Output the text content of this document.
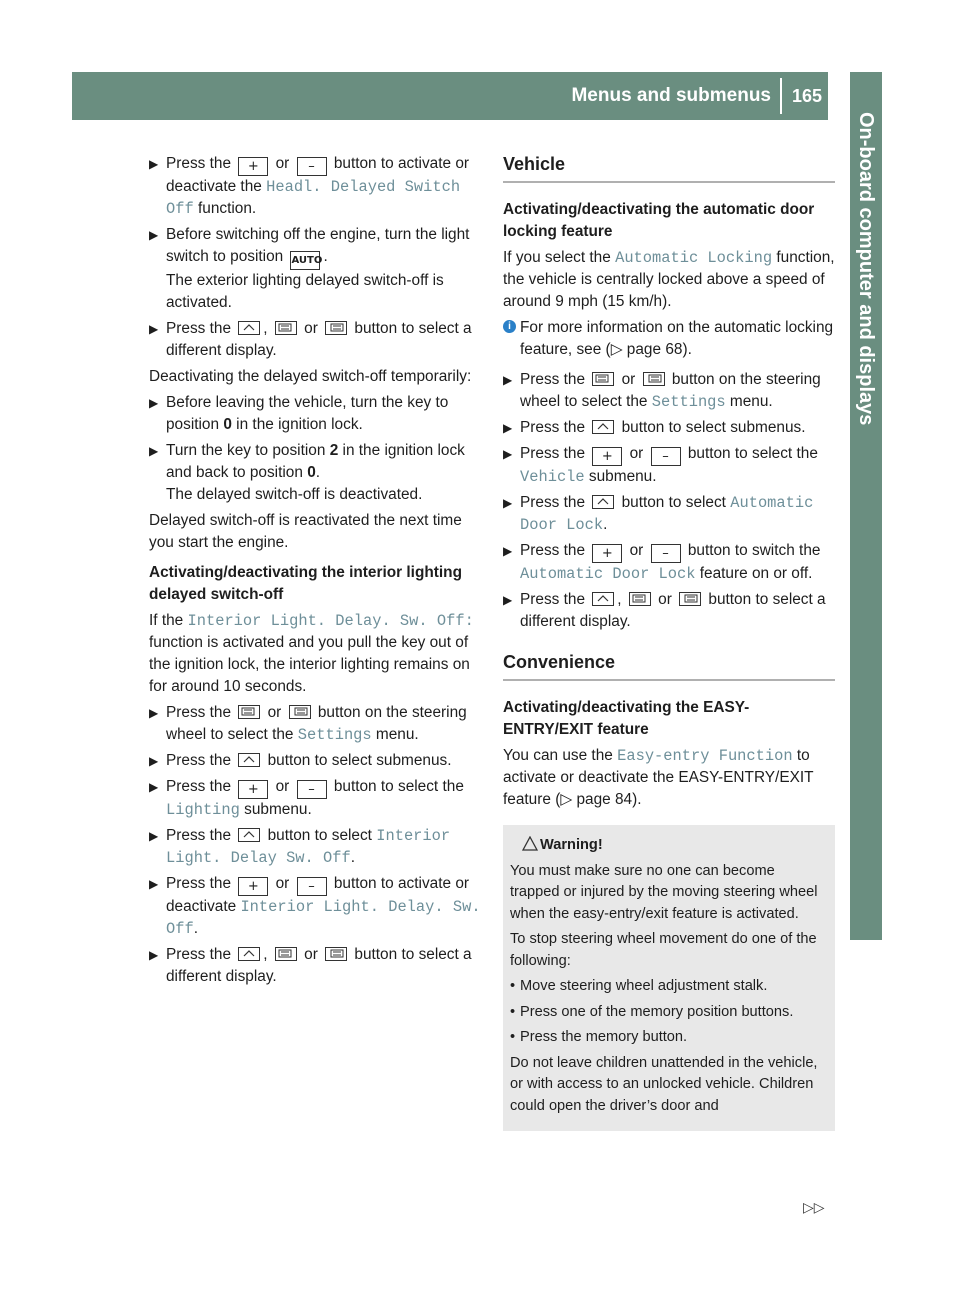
Menus and submenus 165
On-board computer and displays
▶ Press the + or – button to activate or deactivate the Headl. Delayed Switch Off function.
▶ Before switching off the engine, turn the light switch to position AUTO.
The exterior lighting delayed switch-off is activated.
▶ Press the ,  or  button to select a different display.

Deactivating the delayed switch-off temporarily:

▶ Before leaving the vehicle, turn the key to position 0 in the ignition lock.
▶ Turn the key to position 2 in the ignition lock and back to position 0.
The delayed switch-off is deactivated.

Delayed switch-off is reactivated the next time you start the engine.

Activating/deactivating the interior lighting delayed switch-off

If the Interior Light. Delay. Sw. Off:
function is activated and you pull the key out of the ignition lock, the interior lighting remains on for around 10 seconds.

▶ Press the  or  button on the steering wheel to select the Settings menu.
▶ Press the  button to select submenus.
▶ Press the + or – button to select the Lighting submenu.
▶ Press the  button to select Interior Light. Delay Sw. Off.
▶ Press the + or – button to activate or deactivate Interior Light. Delay. Sw. Off.
▶ Press the ,  or  button to select a different display.
Vehicle

Activating/deactivating the automatic door locking feature

If you select the Automatic Locking function, the vehicle is centrally locked above a speed of around 9 mph (15 km/h).

i For more information on the automatic locking feature, see (▷ page 68).
▶ Press the  or  button on the steering wheel to select the Settings menu.
▶ Press the  button to select submenus.
▶ Press the + or – button to select the Vehicle submenu.
▶ Press the  button to select Automatic Door Lock.
▶ Press the + or – button to switch the Automatic Door Lock feature on or off.
▶ Press the ,  or  button to select a different display.
Convenience

Activating/deactivating the EASY-ENTRY/EXIT feature

You can use the Easy-entry Function to activate or deactivate the EASY-ENTRY/EXIT feature (▷ page 84).

Warning!

You must make sure no one can become trapped or injured by the moving steering wheel when the easy-entry/exit feature is activated.

To stop steering wheel movement do one of the following:

• Move steering wheel adjustment stalk.
• Press one of the memory position buttons.
• Press the memory button.

Do not leave children unattended in the vehicle, or with access to an unlocked vehicle. Children could open the driver’s door and

▷▷
